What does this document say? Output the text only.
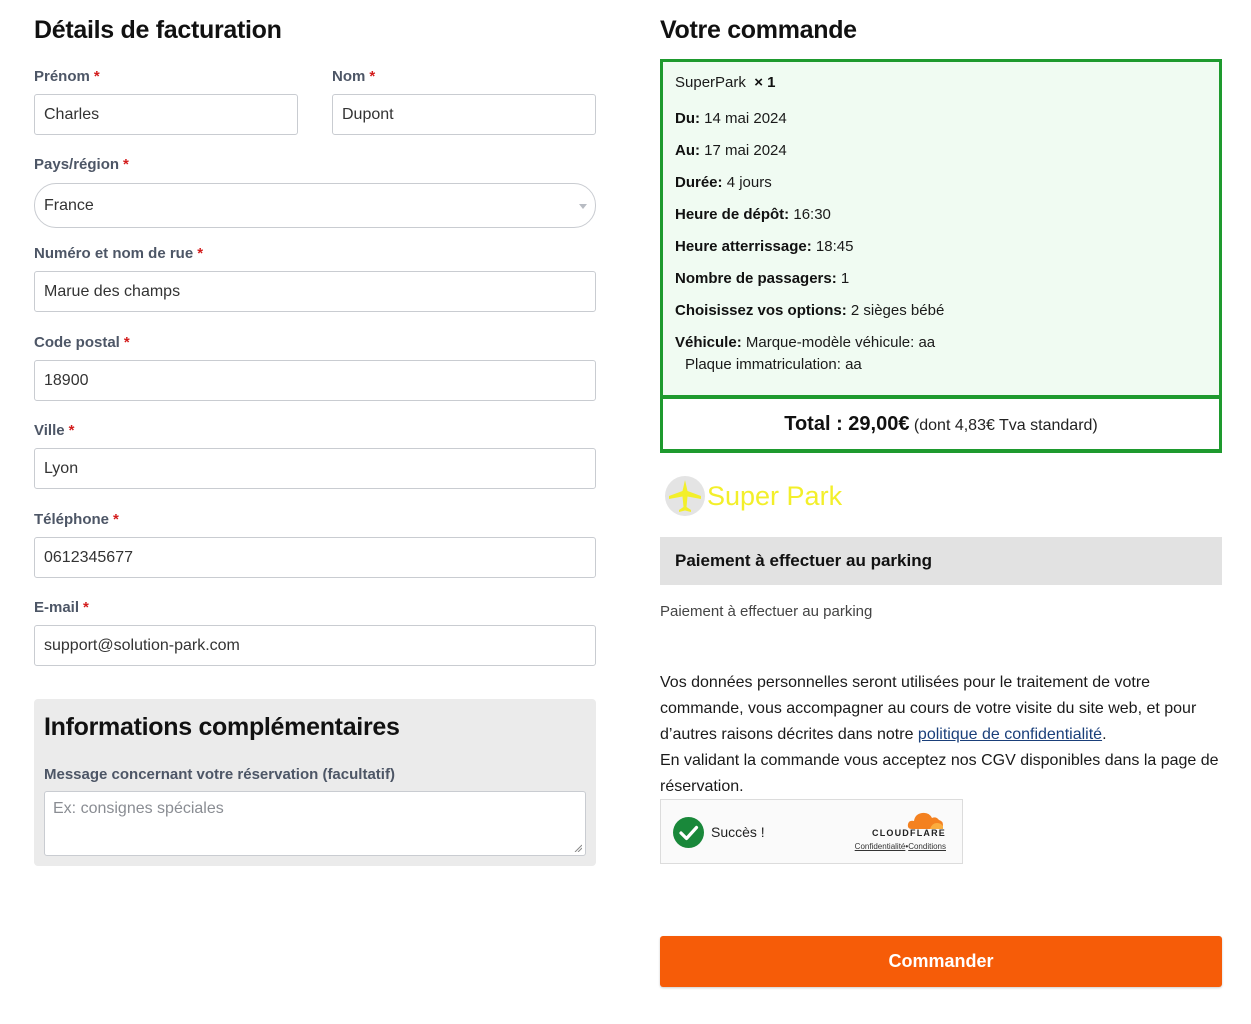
Détails de facturation
Prénom *
Charles
Nom *
Dupont
Pays/région *
France
Numéro et nom de rue *
Marue des champs
Code postal *
18900
Ville *
Lyon
Téléphone *
0612345677
E-mail *
support@solution-park.com
Informations complémentaires
Message concernant votre réservation (facultatif)
Ex: consignes spéciales
Votre commande
SuperPark × 1
Du: 14 mai 2024
Au: 17 mai 2024
Durée: 4 jours
Heure de dépôt: 16:30
Heure atterrissage: 18:45
Nombre de passagers: 1
Choisissez vos options: 2 sièges bébé
Véhicule: Marque-modèle véhicule: aa
Plaque immatriculation: aa
Total : 29,00€ (dont 4,83€ Tva standard)
Super Park
Paiement à effectuer au parking
Paiement à effectuer au parking
Vos données personnelles seront utilisées pour le traitement de votre commande, vous accompagner au cours de votre visite du site web, et pour d’autres raisons décrites dans notre politique de confidentialité.
En validant la commande vous acceptez nos CGV disponibles dans la page de réservation.
Succès !	CLOUDFLARE
Confidentialité•Conditions
Commander
